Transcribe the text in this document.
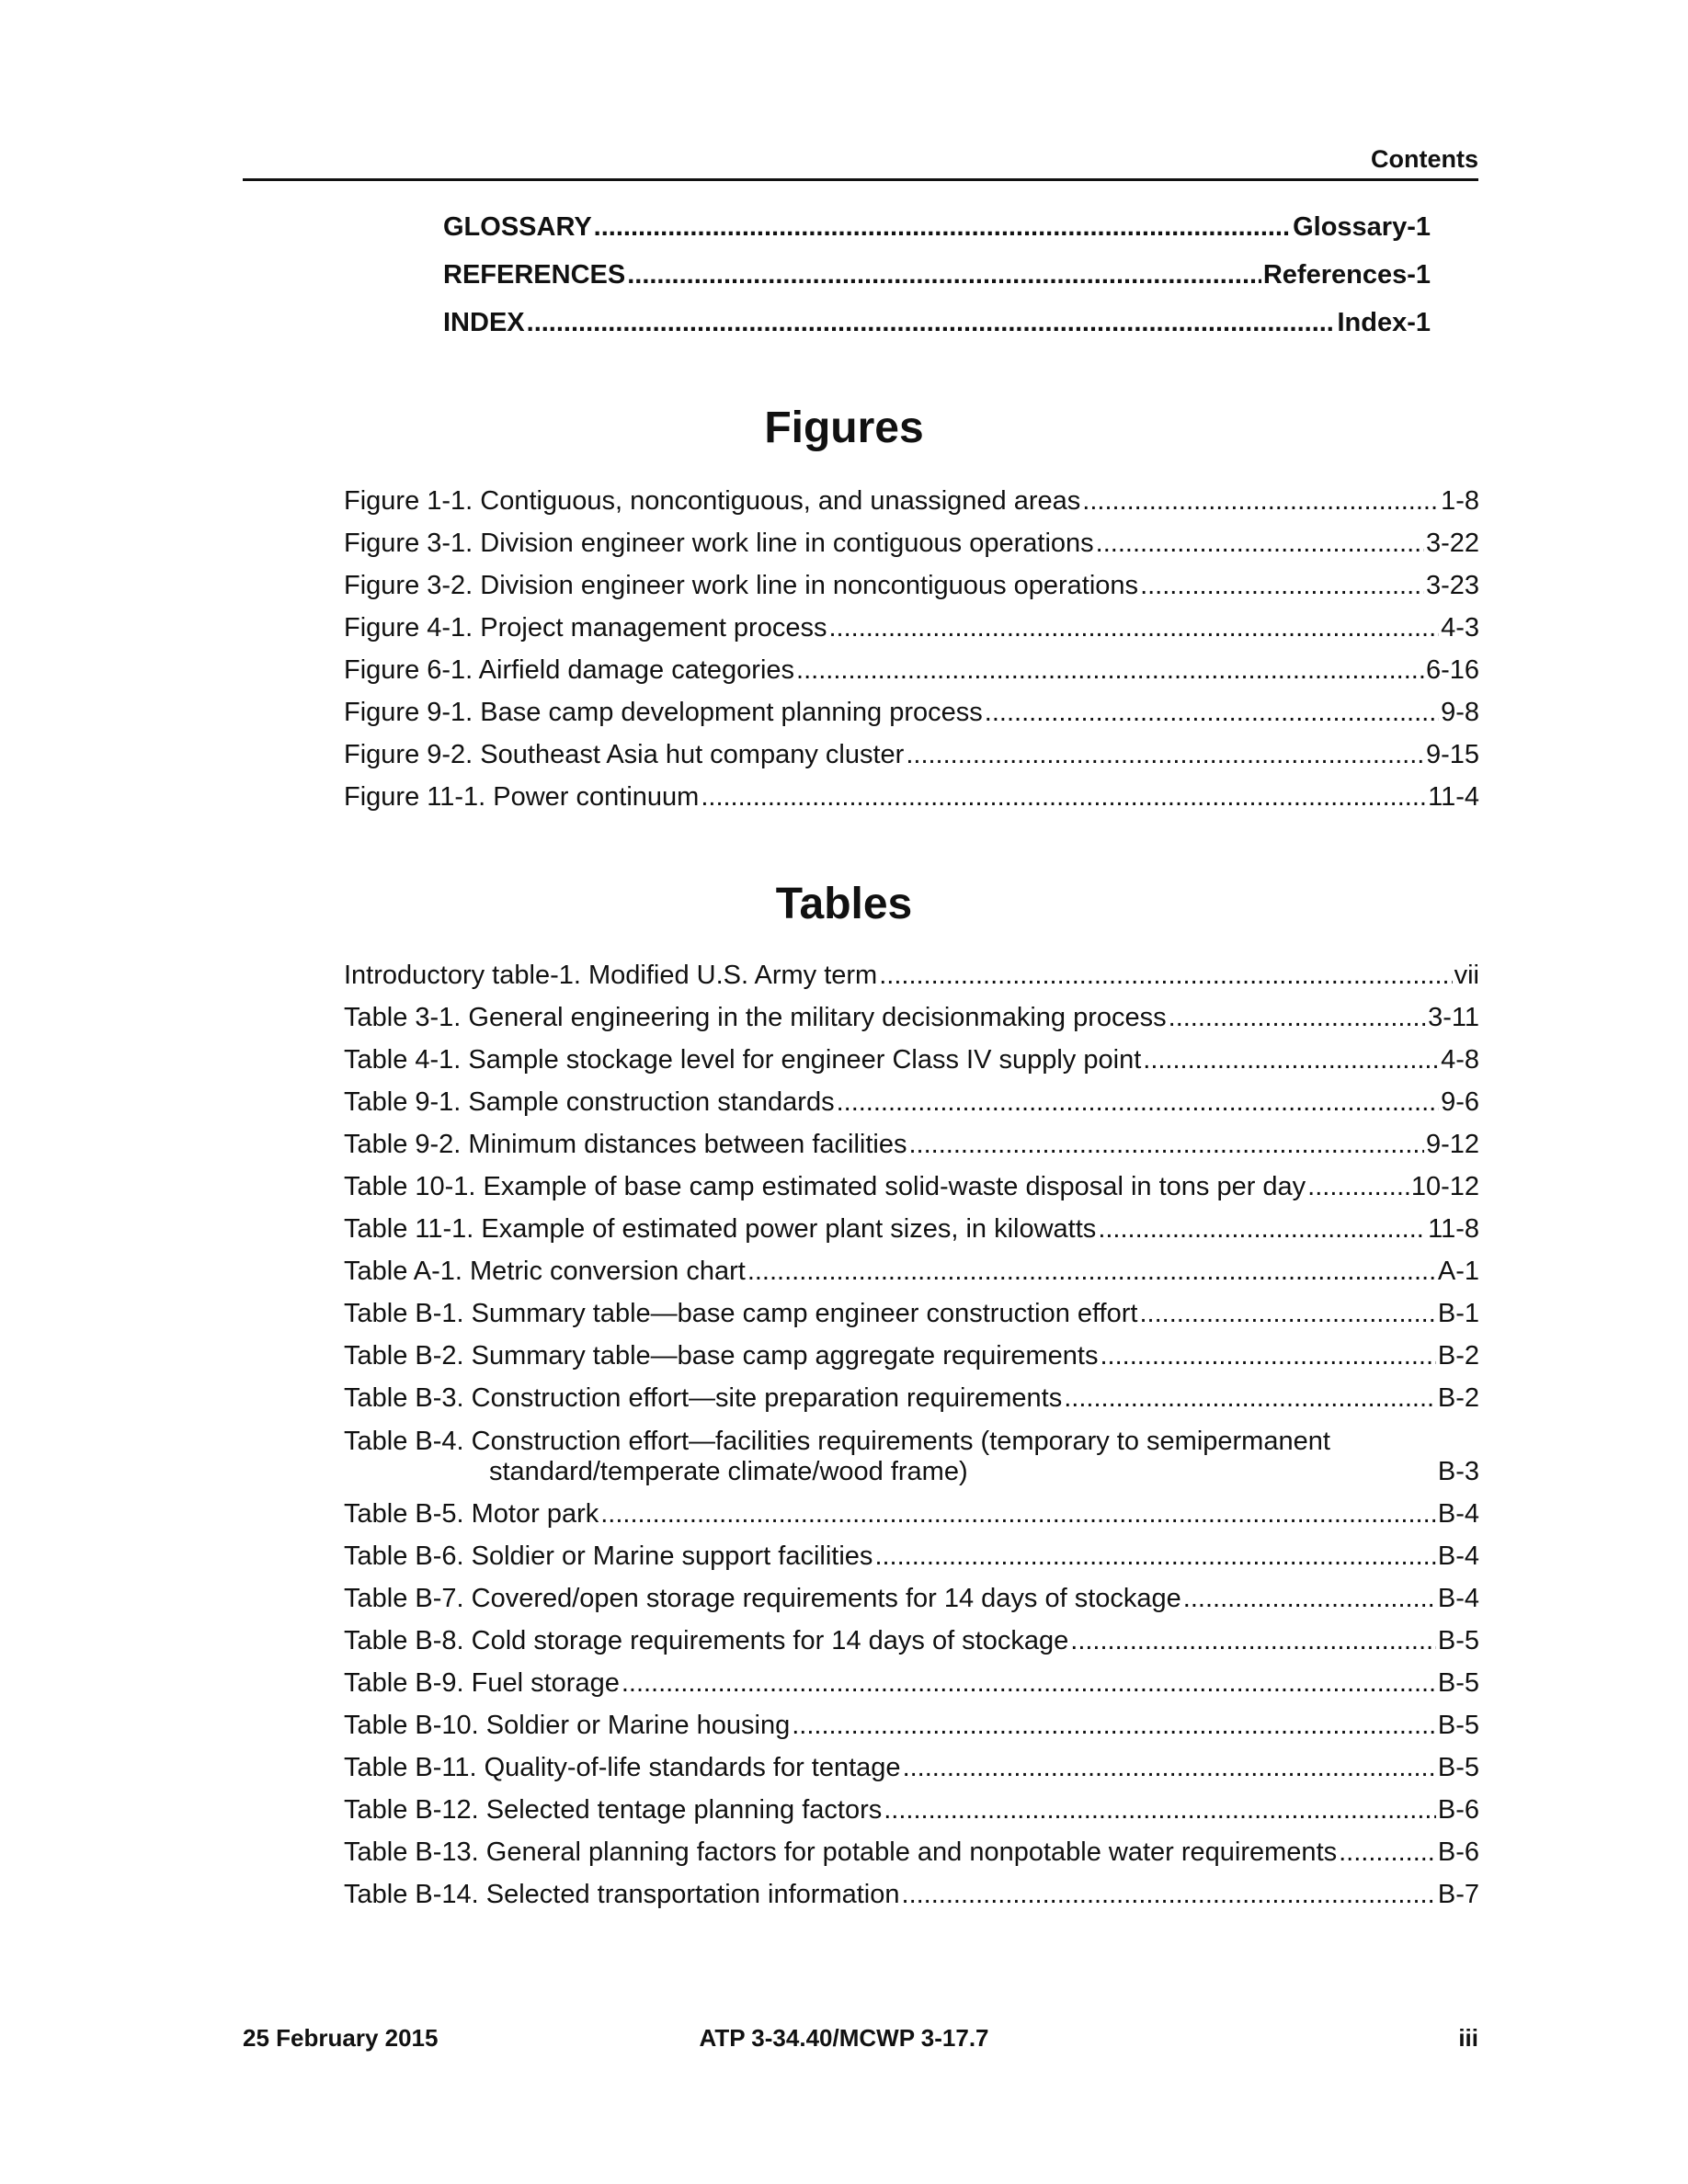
Contents
GLOSSARY .....	Glossary-1
REFERENCES .....	References-1
INDEX .....	Index-1
Figures
Figure 1-1. Contiguous, noncontiguous, and unassigned areas .....	1-8
Figure 3-1. Division engineer work line in contiguous operations .....	3-22
Figure 3-2. Division engineer work line in noncontiguous operations .....	3-23
Figure 4-1. Project management process .....	4-3
Figure 6-1. Airfield damage categories .....	6-16
Figure 9-1. Base camp development planning process .....	9-8
Figure 9-2. Southeast Asia hut company cluster .....	9-15
Figure 11-1. Power continuum .....	11-4
Tables
Introductory table-1. Modified U.S. Army term .....	vii
Table 3-1. General engineering in the military decisionmaking process .....	3-11
Table 4-1. Sample stockage level for engineer Class IV supply point .....	4-8
Table 9-1. Sample construction standards .....	9-6
Table 9-2. Minimum distances between facilities .....	9-12
Table 10-1. Example of base camp estimated solid-waste disposal in tons per day .....	10-12
Table 11-1. Example of estimated power plant sizes, in kilowatts .....	11-8
Table A-1. Metric conversion chart .....	A-1
Table B-1. Summary table—base camp engineer construction effort .....	B-1
Table B-2. Summary table—base camp aggregate requirements .....	B-2
Table B-3. Construction effort—site preparation requirements .....	B-2
Table B-4. Construction effort—facilities requirements (temporary to semipermanent
standard/temperate climate/wood frame)	B-3
Table B-5. Motor park .....	B-4
Table B-6. Soldier or Marine support facilities .....	B-4
Table B-7. Covered/open storage requirements for 14 days of stockage .....	B-4
Table B-8. Cold storage requirements for 14 days of stockage .....	B-5
Table B-9. Fuel storage .....	B-5
Table B-10. Soldier or Marine housing .....	B-5
Table B-11. Quality-of-life standards for tentage .....	B-5
Table B-12. Selected tentage planning factors .....	B-6
Table B-13. General planning factors for potable and nonpotable water requirements .....	B-6
Table B-14. Selected transportation information .....	B-7
25 February 2015	ATP 3-34.40/MCWP 3-17.7	iii
